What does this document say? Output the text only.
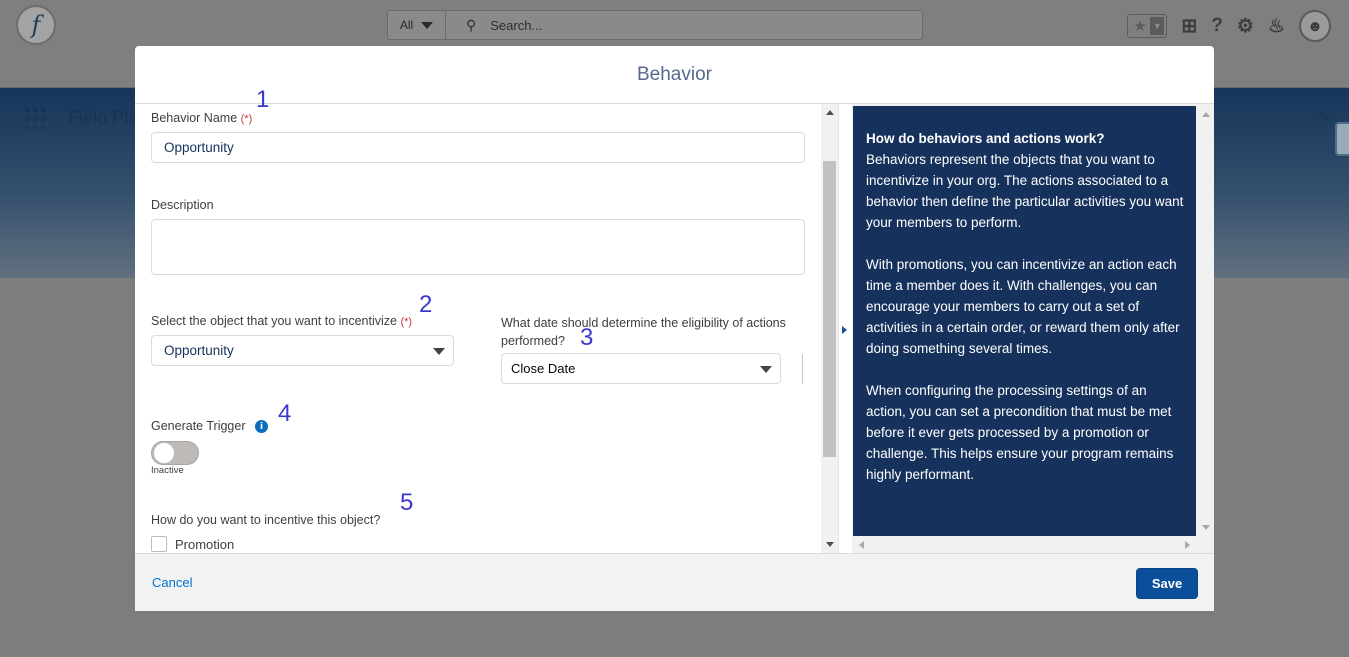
f	All	⚲ Search...	★ ▼ ⊞ ? ⚙ ♨	☻
Behavior
Behavior Name (*)
1
Opportunity
Description
Select the object that you want to incentivize (*)
2
Opportunity
What date should determine the eligibility of actions performed? 3
Close Date
Generate Trigger	i 4
Inactive
How do you want to incentive this object?
5
Promotion

How do behaviors and actions work?

Behaviors represent the objects that you want to incentivize in your org. The actions associated to a behavior then define the particular activities you want your members to perform.

With promotions, you can incentivize an action each time a member does it. With challenges, you can encourage your members to carry out a set of activities in a certain order, or reward them only after doing something several times.

When configuring the processing settings of an action, you can set a precondition that must be met before it ever gets processed by a promotion or challenge. This helps ensure your program remains highly performant.

Cancel	Save
